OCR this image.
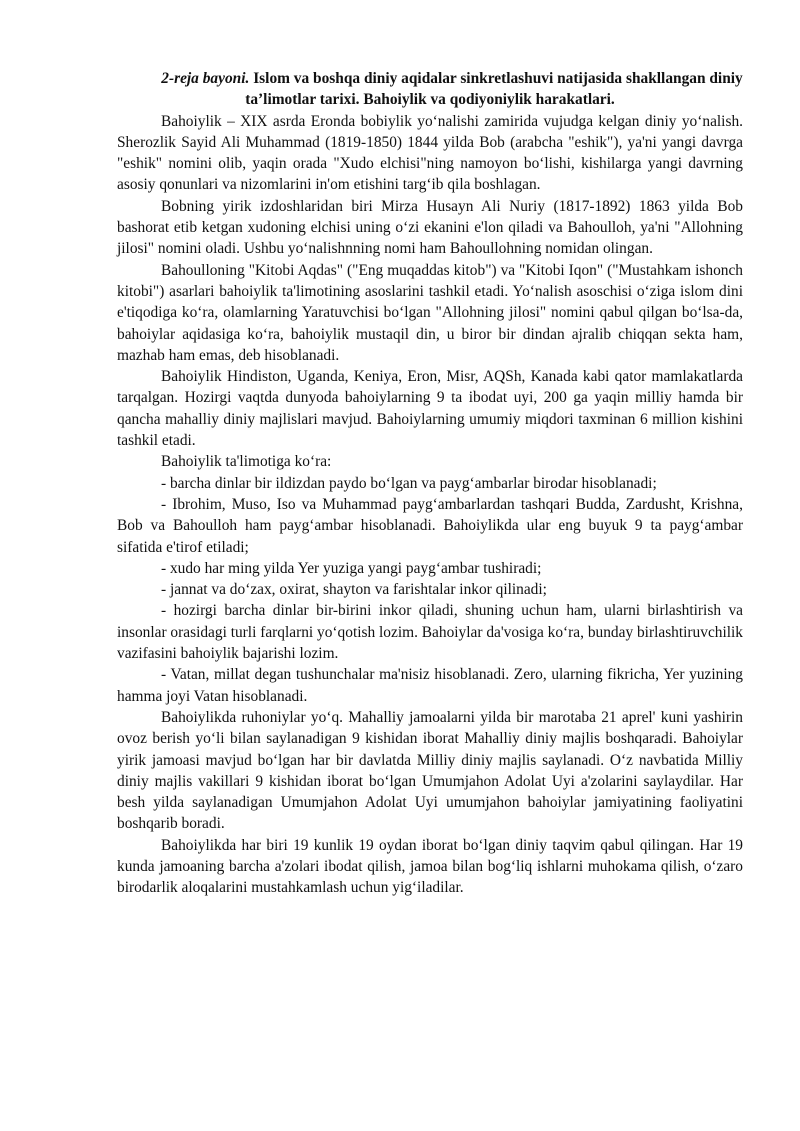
2-reja bayoni. Islom va boshqa diniy aqidalar sinkretlashuvi natijasida shakllangan diniy ta’limotlar tarixi. Bahoiylik va qodiyoniylik harakatlari.

Bahoiylik – XIX asrda Eronda bobiylik yo‘nalishi zamirida vujudga kelgan diniy yo‘nalish. Sherozlik Sayid Ali Muhammad (1819-1850) 1844 yilda Bob (arabcha "eshik"), ya'ni yangi davrga "eshik" nomini olib, yaqin orada "Xudo elchisi"ning namoyon bo‘lishi, kishilarga yangi davrning asosiy qonunlari va nizomlarini in'om etishini targ‘ib qila boshlagan.

Bobning yirik izdoshlaridan biri Mirza Husayn Ali Nuriy (1817-1892) 1863 yilda Bob bashorat etib ketgan xudoning elchisi uning o‘zi ekanini e'lon qiladi va Bahoulloh, ya'ni "Allohning jilosi" nomini oladi. Ushbu yo‘nalishnning nomi ham Bahoullohning nomidan olingan.

Bahoulloning "Kitobi Aqdas" ("Eng muqaddas kitob") va "Kitobi Iqon" ("Mustahkam ishonch kitobi") asarlari bahoiylik ta'limotining asoslarini tashkil etadi. Yo‘nalish asoschisi o‘ziga islom dini e'tiqodiga ko‘ra, olamlarning Yaratuvchisi bo‘lgan "Allohning jilosi" nomini qabul qilgan bo‘lsa-da, bahoiylar aqidasiga ko‘ra, bahoiylik mustaqil din, u biror bir dindan ajralib chiqqan sekta ham, mazhab ham emas, deb hisoblanadi.

Bahoiylik Hindiston, Uganda, Keniya, Eron, Misr, AQSh, Kanada kabi qator mamlakatlarda tarqalgan. Hozirgi vaqtda dunyoda bahoiylarning 9 ta ibodat uyi, 200 ga yaqin milliy hamda bir qancha mahalliy diniy majlislari mavjud. Bahoiylarning umumiy miqdori taxminan 6 million kishini tashkil etadi.

Bahoiylik ta'limotiga ko‘ra:

- barcha dinlar bir ildizdan paydo bo‘lgan va payg‘ambarlar birodar hisoblanadi;

- Ibrohim, Muso, Iso va Muhammad payg‘ambarlardan tashqari Budda, Zardusht, Krishna, Bob va Bahoulloh ham payg‘ambar hisoblanadi. Bahoiylikda ular eng buyuk 9 ta payg‘ambar sifatida e'tirof etiladi;

- xudo har ming yilda Yer yuziga yangi payg‘ambar tushiradi;

- jannat va do‘zax, oxirat, shayton va farishtalar inkor qilinadi;

- hozirgi barcha dinlar bir-birini inkor qiladi, shuning uchun ham, ularni birlashtirish va insonlar orasidagi turli farqlarni yo‘qotish lozim. Bahoiylar da'vosiga ko‘ra, bunday birlashtiruvchilik vazifasini bahoiylik bajarishi lozim.

- Vatan, millat degan tushunchalar ma'nisiz hisoblanadi. Zero, ularning fikricha, Yer yuzining hamma joyi Vatan hisoblanadi.

Bahoiylikda ruhoniylar yo‘q. Mahalliy jamoalarni yilda bir marotaba 21 aprel' kuni yashirin ovoz berish yo‘li bilan saylanadigan 9 kishidan iborat Mahalliy diniy majlis boshqaradi. Bahoiylar yirik jamoasi mavjud bo‘lgan har bir davlatda Milliy diniy majlis saylanadi. O‘z navbatida Milliy diniy majlis vakillari 9 kishidan iborat bo‘lgan Umumjahon Adolat Uyi a'zolarini saylaydilar. Har besh yilda saylanadigan Umumjahon Adolat Uyi umumjahon bahoiylar jamiyatining faoliyatini boshqarib boradi.

Bahoiylikda har biri 19 kunlik 19 oydan iborat bo‘lgan diniy taqvim qabul qilingan. Har 19 kunda jamoaning barcha a'zolari ibodat qilish, jamoa bilan bog‘liq ishlarni muhokama qilish, o‘zaro birodarlik aloqalarini mustahkamlash uchun yig‘iladilar.
